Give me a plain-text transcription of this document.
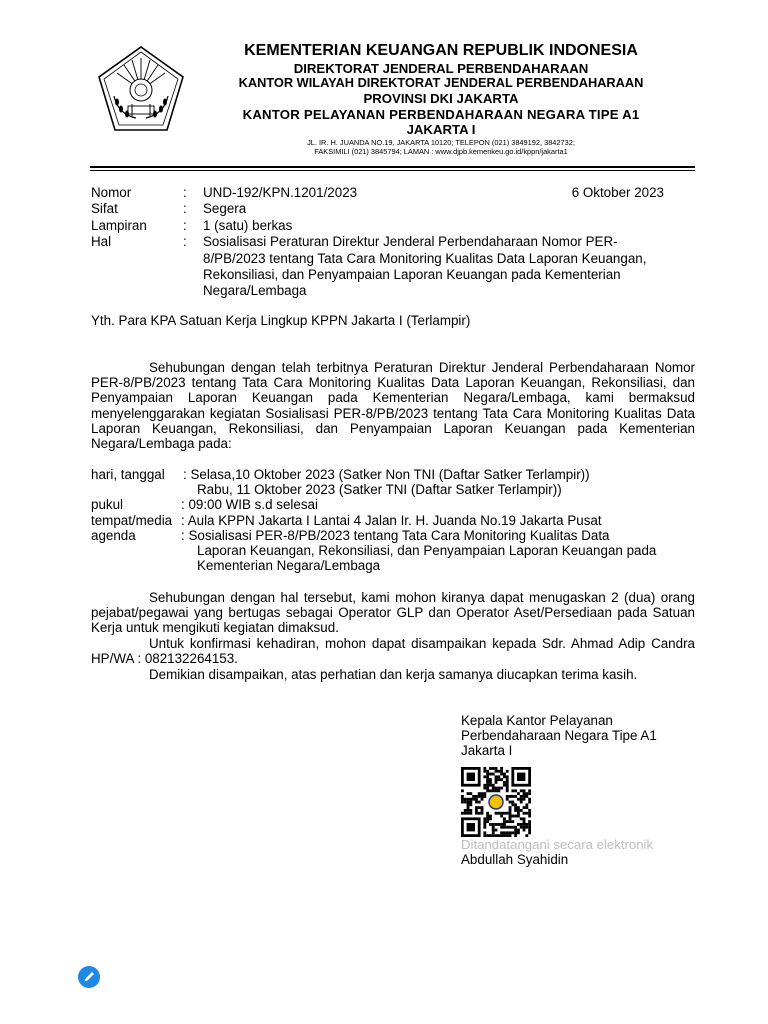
KEMENTERIAN KEUANGAN REPUBLIK INDONESIA
DIREKTORAT JENDERAL PERBENDAHARAAN
KANTOR WILAYAH DIREKTORAT JENDERAL PERBENDAHARAAN
PROVINSI DKI JAKARTA
KANTOR PELAYANAN PERBENDAHARAAN NEGARA TIPE A1
JAKARTA I
JL. IR. H. JUANDA NO.19, JAKARTA 10120; TELEPON (021) 3849192, 3842732;
FAKSIMILI (021) 3845794; LAMAN : www.djpb.kemenkeu.go.id/kppn/jakarta1
Nomor	:	UND-192/KPN.1201/2023	6 Oktober 2023
Sifat	:	Segera
Lampiran	:	1 (satu) berkas
Hal	:	Sosialisasi Peraturan Direktur Jenderal Perbendaharaan Nomor PER-8/PB/2023 tentang Tata Cara Monitoring Kualitas Data Laporan Keuangan, Rekonsiliasi, dan Penyampaian Laporan Keuangan pada Kementerian Negara/Lembaga
Yth. Para KPA Satuan Kerja Lingkup KPPN Jakarta I (Terlampir)
Sehubungan dengan telah terbitnya Peraturan Direktur Jenderal Perbendaharaan Nomor PER-8/PB/2023 tentang Tata Cara Monitoring Kualitas Data Laporan Keuangan, Rekonsiliasi, dan Penyampaian Laporan Keuangan pada Kementerian Negara/Lembaga, kami bermaksud menyelenggarakan kegiatan Sosialisasi PER-8/PB/2023 tentang Tata Cara Monitoring Kualitas Data Laporan Keuangan, Rekonsiliasi, dan Penyampaian Laporan Keuangan pada Kementerian Negara/Lembaga pada:
hari, tanggal	: Selasa,10 Oktober 2023 (Satker Non TNI (Daftar Satker Terlampir))
Rabu, 11 Oktober 2023 (Satker TNI (Daftar Satker Terlampir))
pukul	: 09:00 WIB s.d selesai
tempat/media : Aula KPPN Jakarta I Lantai 4 Jalan Ir. H. Juanda No.19 Jakarta Pusat
agenda	: Sosialisasi PER-8/PB/2023 tentang Tata Cara Monitoring Kualitas Data
Laporan Keuangan, Rekonsiliasi, dan Penyampaian Laporan Keuangan pada
Kementerian Negara/Lembaga
Sehubungan dengan hal tersebut, kami mohon kiranya dapat menugaskan 2 (dua) orang pejabat/pegawai yang bertugas sebagai Operator GLP dan Operator Aset/Persediaan pada Satuan Kerja untuk mengikuti kegiatan dimaksud.
Untuk konfirmasi kehadiran, mohon dapat disampaikan kepada Sdr. Ahmad Adip Candra HP/WA : 082132264153.
Demikian disampaikan, atas perhatian dan kerja samanya diucapkan terima kasih.
Kepala Kantor Pelayanan
Perbendaharaan Negara Tipe A1
Jakarta I
Ditandatangani secara elektronik
Abdullah Syahidin
